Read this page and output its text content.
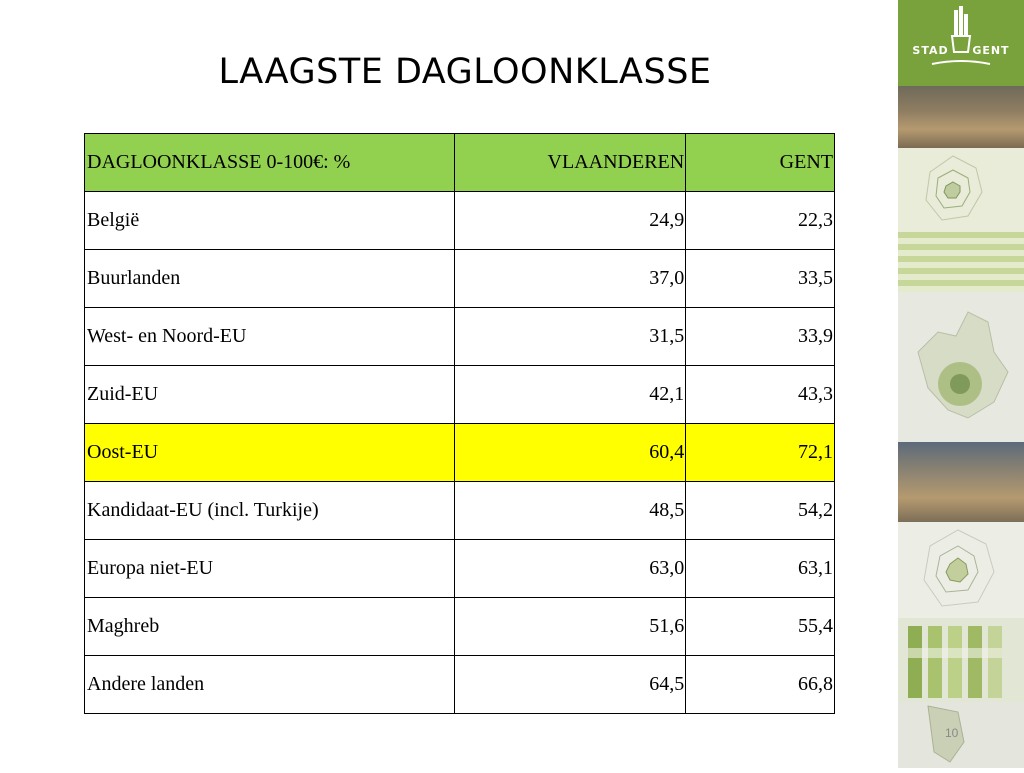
LAAGSTE DAGLOONKLASSE
DAGLOONKLASSE 0-100€: %	VLAANDEREN	GENT
België	24,9	22,3
Buurlanden	37,0	33,5
West- en Noord-EU	31,5	33,9
Zuid-EU	42,1	43,3
Oost-EU	60,4	72,1
Kandidaat-EU (incl. Turkije)	48,5	54,2
Europa niet-EU	63,0	63,1
Maghreb	51,6	55,4
Andere landen	64,5	66,8
STAD GENT
10
